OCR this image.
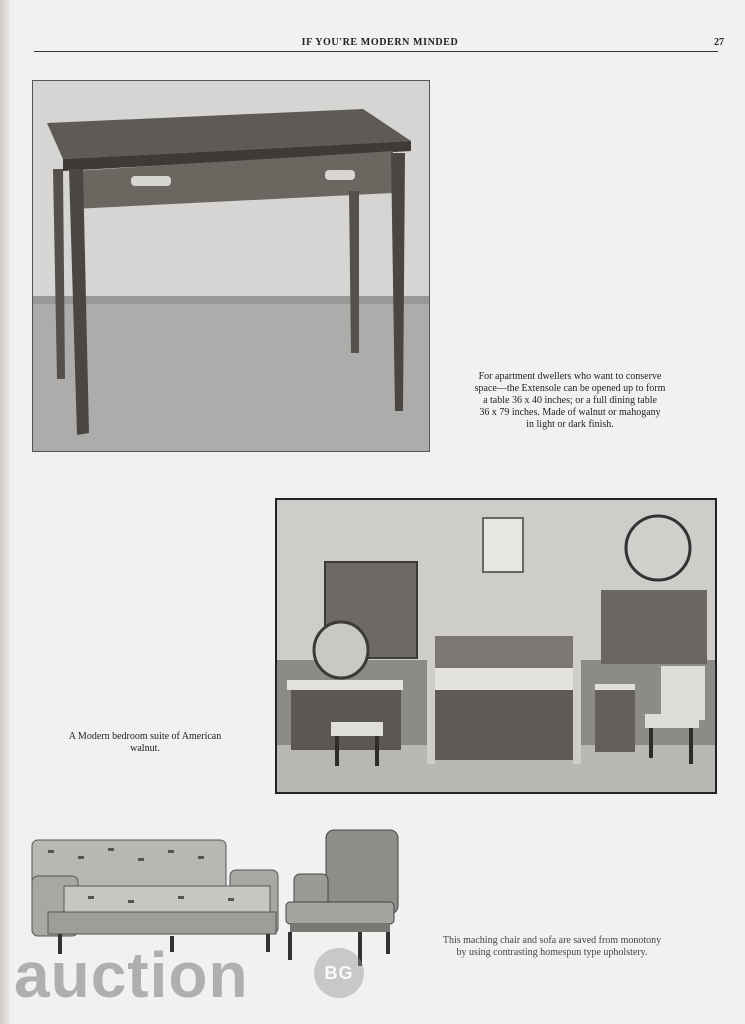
IF YOU'RE MODERN MINDED	27
For apartment dwellers who want to conserve
space—the Extensole can be opened up to form
a table 36 x 40 inches; or a full dining table
36 x 79 inches. Made of walnut or mahogany
in light or dark finish.
A Modern bedroom suite of American
walnut.
This maching chair and sofa are saved from monotony
by using contrasting homespun type upholstery.
auction	BG
